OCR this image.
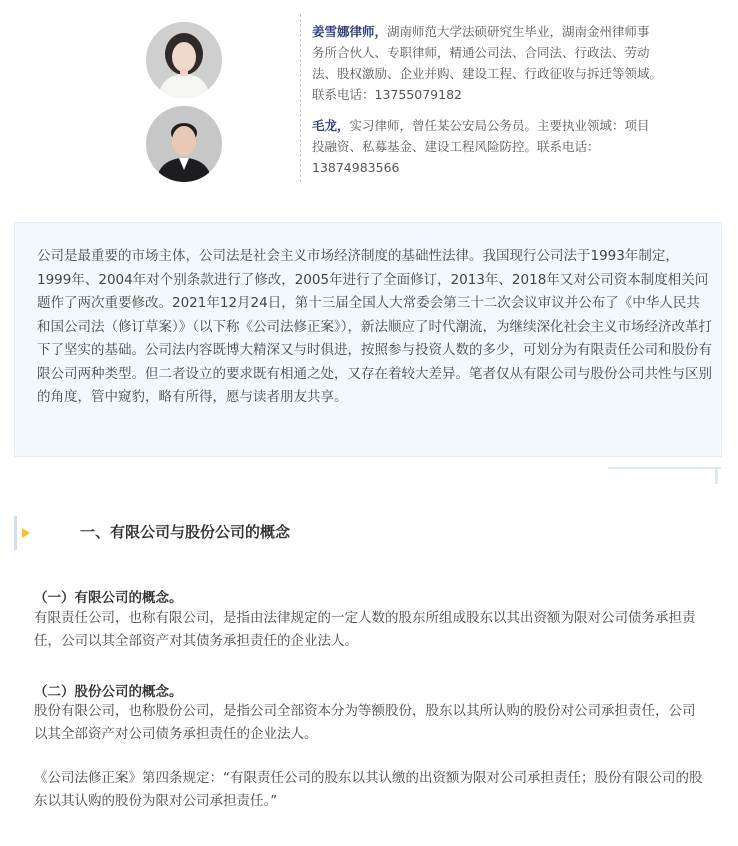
姜雪娜律师，湖南师范大学法硕研究生毕业，湖南金州律师事务所合伙人、专职律师，精通公司法、合同法、行政法、劳动法、股权激励、企业并购、建设工程、行政征收与拆迁等领域。联系电话：13755079182

毛龙，实习律师，曾任某公安局公务员。主要执业领域：项目投融资、私募基金、建设工程风险防控。联系电话：13874983566

公司是最重要的市场主体，公司法是社会主义市场经济制度的基础性法律。我国现行公司法于1993年制定，1999年、2004年对个别条款进行了修改，2005年进行了全面修订，2013年、2018年又对公司资本制度相关问题作了两次重要修改。2021年12月24日，第十三届全国人大常委会第三十二次会议审议并公布了《中华人民共和国公司法（修订草案）》（以下称《公司法修正案》），新法顺应了时代潮流，为继续深化社会主义市场经济改革打下了坚实的基础。公司法内容既博大精深又与时俱进，按照参与投资人数的多少，可划分为有限责任公司和股份有限公司两种类型。但二者设立的要求既有相通之处，又存在着较大差异。笔者仅从有限公司与股份公司共性与区别的角度，管中窥豹，略有所得，愿与读者朋友共享。

一、有限公司与股份公司的概念
（一）有限公司的概念。

有限责任公司，也称有限公司，是指由法律规定的一定人数的股东所组成股东以其出资额为限对公司债务承担责任，公司以其全部资产对其债务承担责任的企业法人。

（二）股份公司的概念。

股份有限公司，也称股份公司，是指公司全部资本分为等额股份，股东以其所认购的股份对公司承担责任，公司以其全部资产对公司债务承担责任的企业法人。

《公司法修正案》第四条规定：“有限责任公司的股东以其认缴的出资额为限对公司承担责任；股份有限公司的股东以其认购的股份为限对公司承担责任。”
